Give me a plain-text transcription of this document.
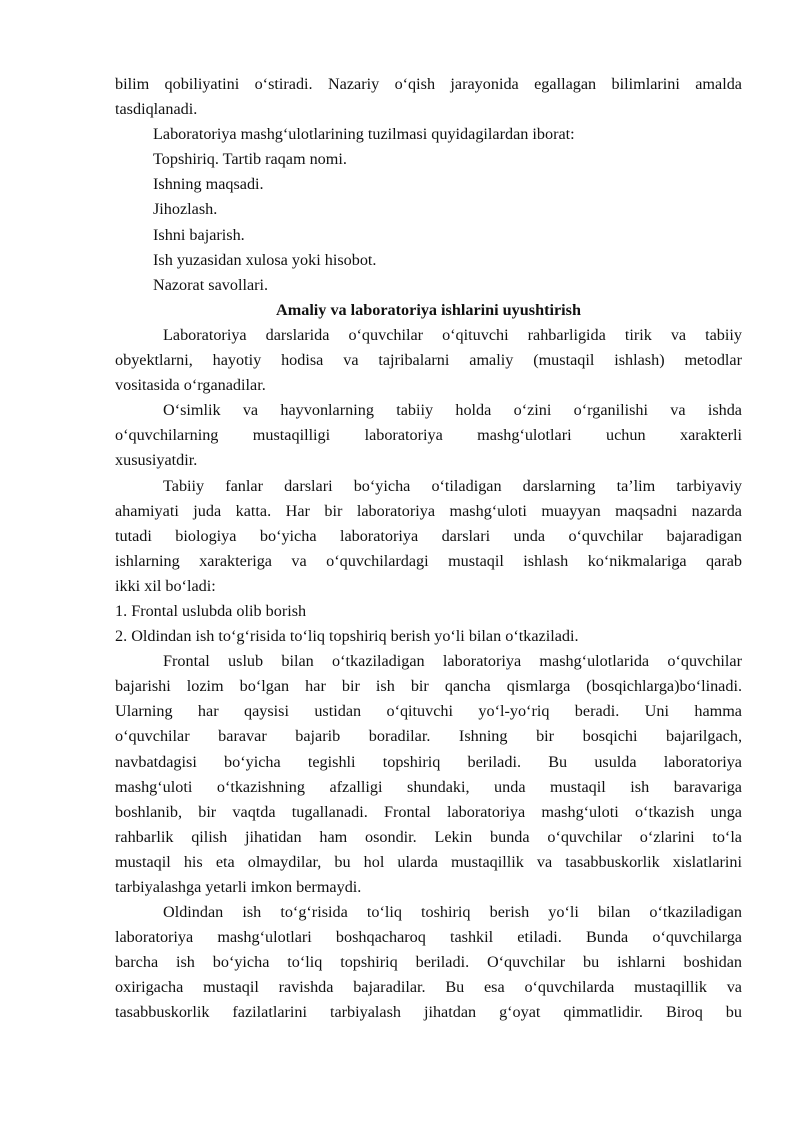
bilim qobiliyatini o‘stiradi. Nazariy o‘qish jarayonida egallagan bilimlarini amalda
tasdiqlanadi.
Laboratoriya mashg‘ulotlarining tuzilmasi quyidagilardan iborat:
Topshiriq. Tartib raqam nomi.
Ishning maqsadi.
Jihozlash.
Ishni bajarish.
Ish yuzasidan xulosa yoki hisobot.
Nazorat savollari.
Amaliy va laboratoriya ishlarini uyushtirish
Laboratoriya darslarida o‘quvchilar o‘qituvchi rahbarligida tirik va tabiiy
obyektlarni, hayotiy hodisa va tajribalarni amaliy (mustaqil ishlash) metodlar
vositasida o‘rganadilar.
O‘simlik va hayvonlarning tabiiy holda o‘zini o‘rganilishi va ishda
o‘quvchilarning mustaqilligi laboratoriya mashg‘ulotlari uchun xarakterli
xususiyatdir.
Tabiiy fanlar darslari bo‘yicha o‘tiladigan darslarning ta’lim tarbiyaviy
ahamiyati juda katta. Har bir laboratoriya mashg‘uloti muayyan maqsadni nazarda
tutadi biologiya bo‘yicha laboratoriya darslari unda o‘quvchilar bajaradigan
ishlarning xarakteriga va o‘quvchilardagi mustaqil ishlash ko‘nikmalariga qarab
ikki xil bo‘ladi:
1. Frontal uslubda olib borish
2. Oldindan ish to‘g‘risida to‘liq topshiriq berish yo‘li bilan o‘tkaziladi.
Frontal uslub bilan o‘tkaziladigan laboratoriya mashg‘ulotlarida o‘quvchilar
bajarishi lozim bo‘lgan har bir ish bir qancha qismlarga (bosqichlarga)bo‘linadi.
Ularning har qaysisi ustidan o‘qituvchi yo‘l-yo‘riq beradi. Uni hamma
o‘quvchilar baravar bajarib boradilar. Ishning bir bosqichi bajarilgach,
navbatdagisi bo‘yicha tegishli topshiriq beriladi. Bu usulda laboratoriya
mashg‘uloti o‘tkazishning afzalligi shundaki, unda mustaqil ish baravariga
boshlanib, bir vaqtda tugallanadi. Frontal laboratoriya mashg‘uloti o‘tkazish unga
rahbarlik qilish jihatidan ham osondir. Lekin bunda o‘quvchilar o‘zlarini to‘la
mustaqil his eta olmaydilar, bu hol ularda mustaqillik va tasabbuskorlik xislatlarini
tarbiyalashga yetarli imkon bermaydi.
Oldindan ish to‘g‘risida to‘liq toshiriq berish yo‘li bilan o‘tkaziladigan
laboratoriya mashg‘ulotlari boshqacharoq tashkil etiladi. Bunda o‘quvchilarga
barcha ish bo‘yicha to‘liq topshiriq beriladi. O‘quvchilar bu ishlarni boshidan
oxirigacha mustaqil ravishda bajaradilar. Bu esa o‘quvchilarda mustaqillik va
tasabbuskorlik fazilatlarini tarbiyalash jihatdan g‘oyat qimmatlidir. Biroq bu
